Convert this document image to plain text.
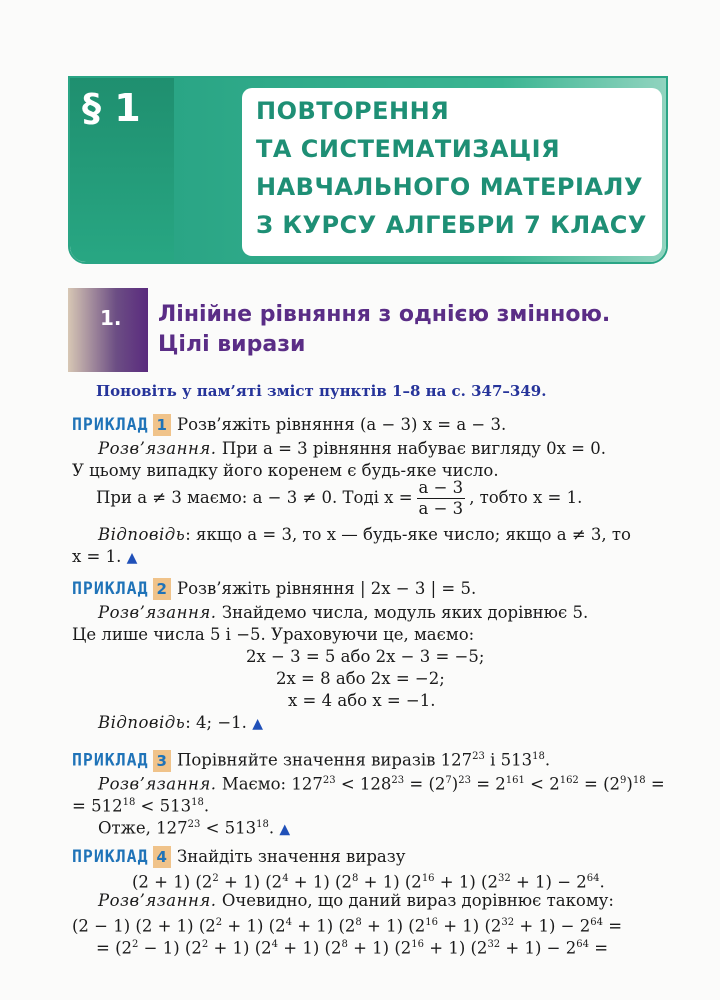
§ 1	ПОВТОРЕННЯ
ТА СИСТЕМАТИЗАЦІЯ
НАВЧАЛЬНОГО МАТЕРІАЛУ
З КУРСУ АЛГЕБРИ 7 КЛАСУ
1. Лінійне рівняння з однією змінною.
Цілі вирази
Поновіть у пам’яті зміст пунктів 1–8 на с. 347–349.
ПРИКЛАД 1 Розв’яжіть рівняння (a − 3) x = a − 3.
Розв’язання. При a = 3 рівняння набуває вигляду 0x = 0.
У цьому випадку його коренем є будь-яке число.
При a ≠ 3 маємо: a − 3 ≠ 0. Тоді $x = \frac{a - 3}{a - 3}$ , тобто x = 1.
Відповідь: якщо a = 3, то x — будь-яке число; якщо a ≠ 3, то
x = 1. ▲
ПРИКЛАД 2 Розв’яжіть рівняння | 2x − 3 | = 5.
Розв’язання. Знайдемо числа, модуль яких дорівнює 5.
Це лише числа 5 і −5. Ураховуючи це, маємо:
2x − 3 = 5 або 2x − 3 = −5;
2x = 8 або 2x = −2;
x = 4 або x = −1.
Відповідь: 4; −1. ▲
ПРИКЛАД 3 Порівняйте значення виразів $127^{23}$ і $513^{18}$.
Розв’язання. Маємо: $127^{23} < 128^{23} = (2^7)^{23} = 2^{161} < 2^{162} = (2^9)^{18}$ =
= $512^{18} < 513^{18}$.
Отже, $127^{23} < 513^{18}$. ▲
ПРИКЛАД 4 Знайдіть значення виразу
(2 + 1) $(2^2 + 1) (2^4 + 1) (2^8 + 1) (2^{16} + 1) (2^{32} + 1) - 2^{64}$.
Розв’язання. Очевидно, що даний вираз дорівнює такому:
(2 − 1) (2 + 1) $(2^2 + 1) (2^4 + 1) (2^8 + 1) (2^{16} + 1) (2^{32} + 1) - 2^{64}$ =
= $(2^2 - 1) (2^2 + 1) (2^4 + 1) (2^8 + 1) (2^{16} + 1) (2^{32} + 1) - 2^{64}$ =
